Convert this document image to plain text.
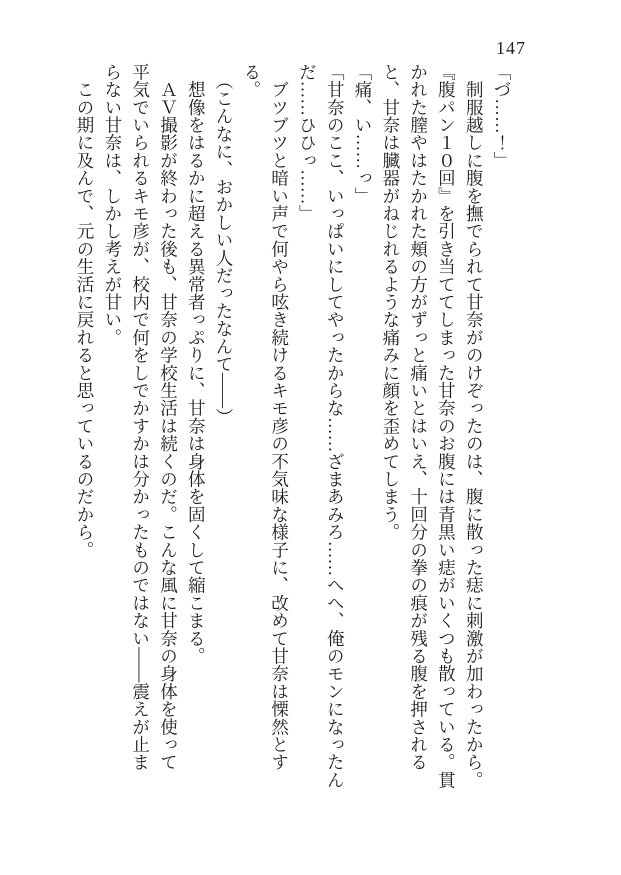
147

「づ……！」

　制服越しに腹を撫でられて甘奈がのけぞったのは、腹に散った痣に刺激が加わったから。

『腹パン１０回』を引き当ててしまった甘奈のお腹には青黒い痣がいくつも散っている。貫

かれた膣やはたかれた頬の方がずっと痛いとはいえ、十回分の拳の痕が残る腹を押される

と、甘奈は臓器がねじれるような痛みに顔を歪めてしまう。

「痛、い……っ」

「甘奈のここ、いっぱいにしてやったからな……ざまあみろ……へへ、俺のモンになったん

だ……ひひっ……」

　ブツブツと暗い声で何やら呟き続けるキモ彦の不気味な様子に、改めて甘奈は慄然とす

る。

　（こんなに、おかしい人だったなんて――）

　想像をはるかに超える異常者っぷりに、甘奈は身体を固くして縮こまる。

　ＡＶ撮影が終わった後も、甘奈の学校生活は続くのだ。こんな風に甘奈の身体を使って

平気でいられるキモ彦が、校内で何をしでかすかは分かったものではない――震えが止ま

らない甘奈は、しかし考えが甘い。

　この期に及んで、元の生活に戻れると思っているのだから。
